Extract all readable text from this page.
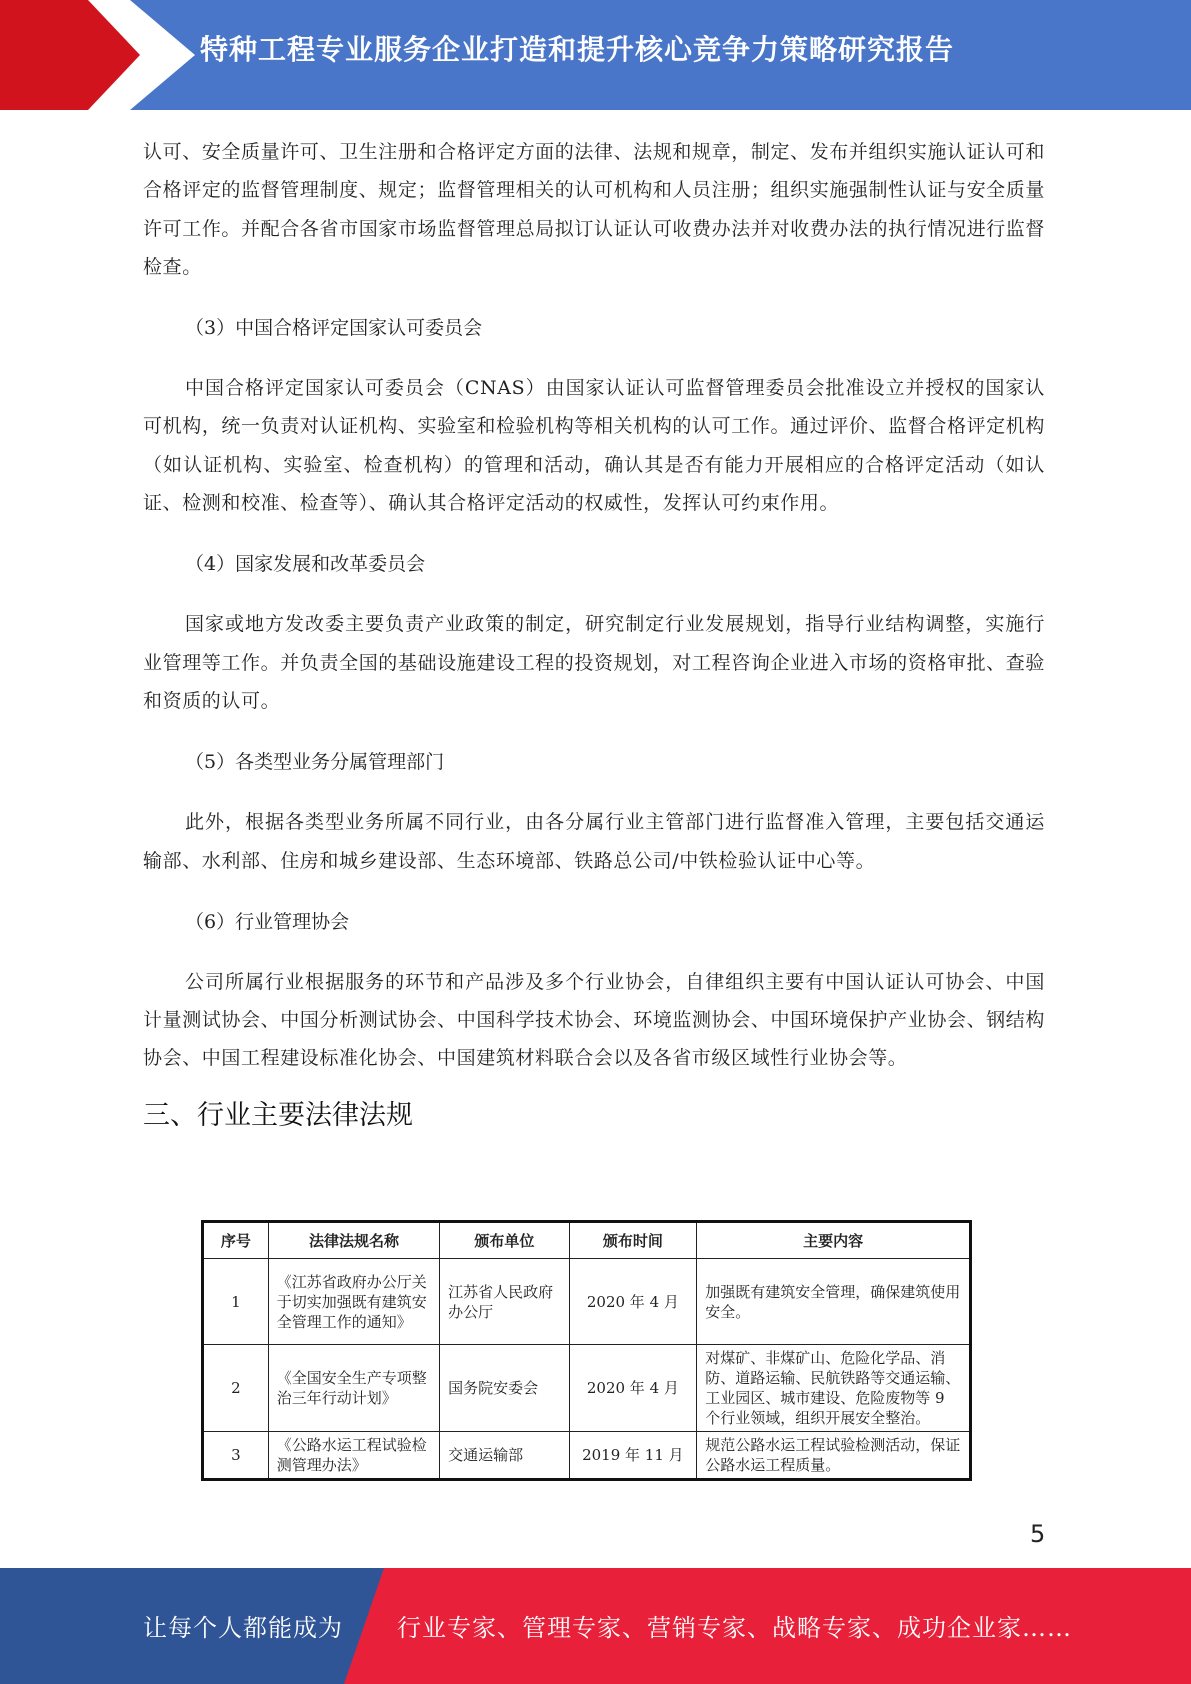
特种工程专业服务企业打造和提升核心竞争力策略研究报告

认可、安全质量许可、卫生注册和合格评定方面的法律、法规和规章，制定、发布并组织实施认证认可和合格评定的监督管理制度、规定；监督管理相关的认可机构和人员注册；组织实施强制性认证与安全质量许可工作。并配合各省市国家市场监督管理总局拟订认证认可收费办法并对收费办法的执行情况进行监督检查。

（3）中国合格评定国家认可委员会

中国合格评定国家认可委员会（CNAS）由国家认证认可监督管理委员会批准设立并授权的国家认可机构，统一负责对认证机构、实验室和检验机构等相关机构的认可工作。通过评价、监督合格评定机构（如认证机构、实验室、检查机构）的管理和活动，确认其是否有能力开展相应的合格评定活动（如认证、检测和校准、检查等）、确认其合格评定活动的权威性，发挥认可约束作用。

（4）国家发展和改革委员会

国家或地方发改委主要负责产业政策的制定，研究制定行业发展规划，指导行业结构调整，实施行业管理等工作。并负责全国的基础设施建设工程的投资规划，对工程咨询企业进入市场的资格审批、查验和资质的认可。

（5）各类型业务分属管理部门

此外，根据各类型业务所属不同行业，由各分属行业主管部门进行监督准入管理，主要包括交通运输部、水利部、住房和城乡建设部、生态环境部、铁路总公司/中铁检验认证中心等。

（6）行业管理协会

公司所属行业根据服务的环节和产品涉及多个行业协会，自律组织主要有中国认证认可协会、中国计量测试协会、中国分析测试协会、中国科学技术协会、环境监测协会、中国环境保护产业协会、钢结构协会、中国工程建设标准化协会、中国建筑材料联合会以及各省市级区域性行业协会等。

三、行业主要法律法规
序号	法律法规名称	颁布单位	颁布时间	主要内容
1	《江苏省政府办公厅关于切实加强既有建筑安全管理工作的通知》	江苏省人民政府办公厅	2020 年 4 月	加强既有建筑安全管理，确保建筑使用安全。
2	《全国安全生产专项整治三年行动计划》	国务院安委会	2020 年 4 月	对煤矿、非煤矿山、危险化学品、消防、道路运输、民航铁路等交通运输、工业园区、城市建设、危险废物等 9 个行业领域，组织开展安全整治。
3	《公路水运工程试验检测管理办法》	交通运输部	2019 年 11 月	规范公路水运工程试验检测活动，保证公路水运工程质量。
5
让每个人都能成为 行业专家、管理专家、营销专家、战略专家、成功企业家……
